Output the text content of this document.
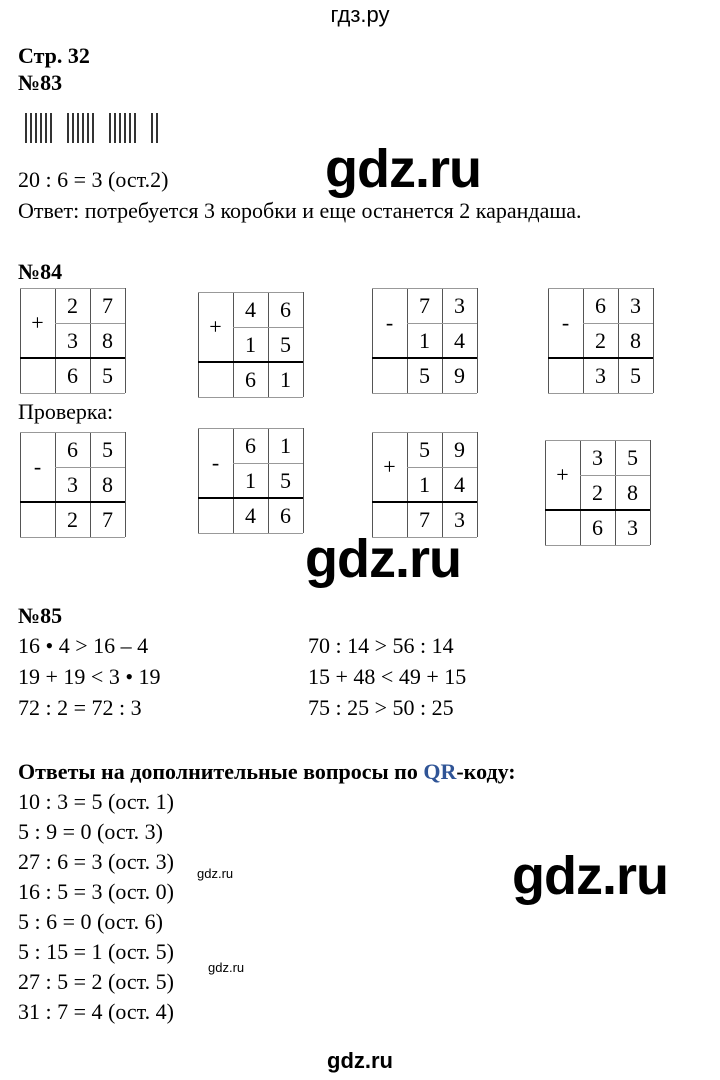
гдз.ру
Стр. 32
№83
gdz.ru
20 : 6 = 3 (ост.2)
Ответ: потребуется 3 коробки и еще останется 2 карандаша.
№84
+
2	7
3	8
6	5
+
4	6
1	5
6	1
-
7	3
1	4
5	9
-
6	3
2	8
3	5
Проверка:
-
6	5
3	8
2	7
-
6	1
1	5
4	6
+
5	9
1	4
7	3
+
3	5
2	8
6	3
gdz.ru
№85
16 • 4 > 16 – 4
19 + 19 < 3 • 19
72 : 2 = 72 : 3
70 : 14 > 56 : 14
15 + 48 < 49 + 15
75 : 25 > 50 : 25
Ответы на дополнительные вопросы по QR-коду:
10 : 3 = 5 (ост. 1)
5 : 9 = 0 (ост. 3)
27 : 6 = 3 (ост. 3)
16 : 5 = 3 (ост. 0)
5 : 6 = 0 (ост. 6)
5 : 15 = 1 (ост. 5)
27 : 5 = 2 (ост. 5)
31 : 7 = 4 (ост. 4)
gdz.ru
gdz.ru
gdz.ru
gdz.ru
